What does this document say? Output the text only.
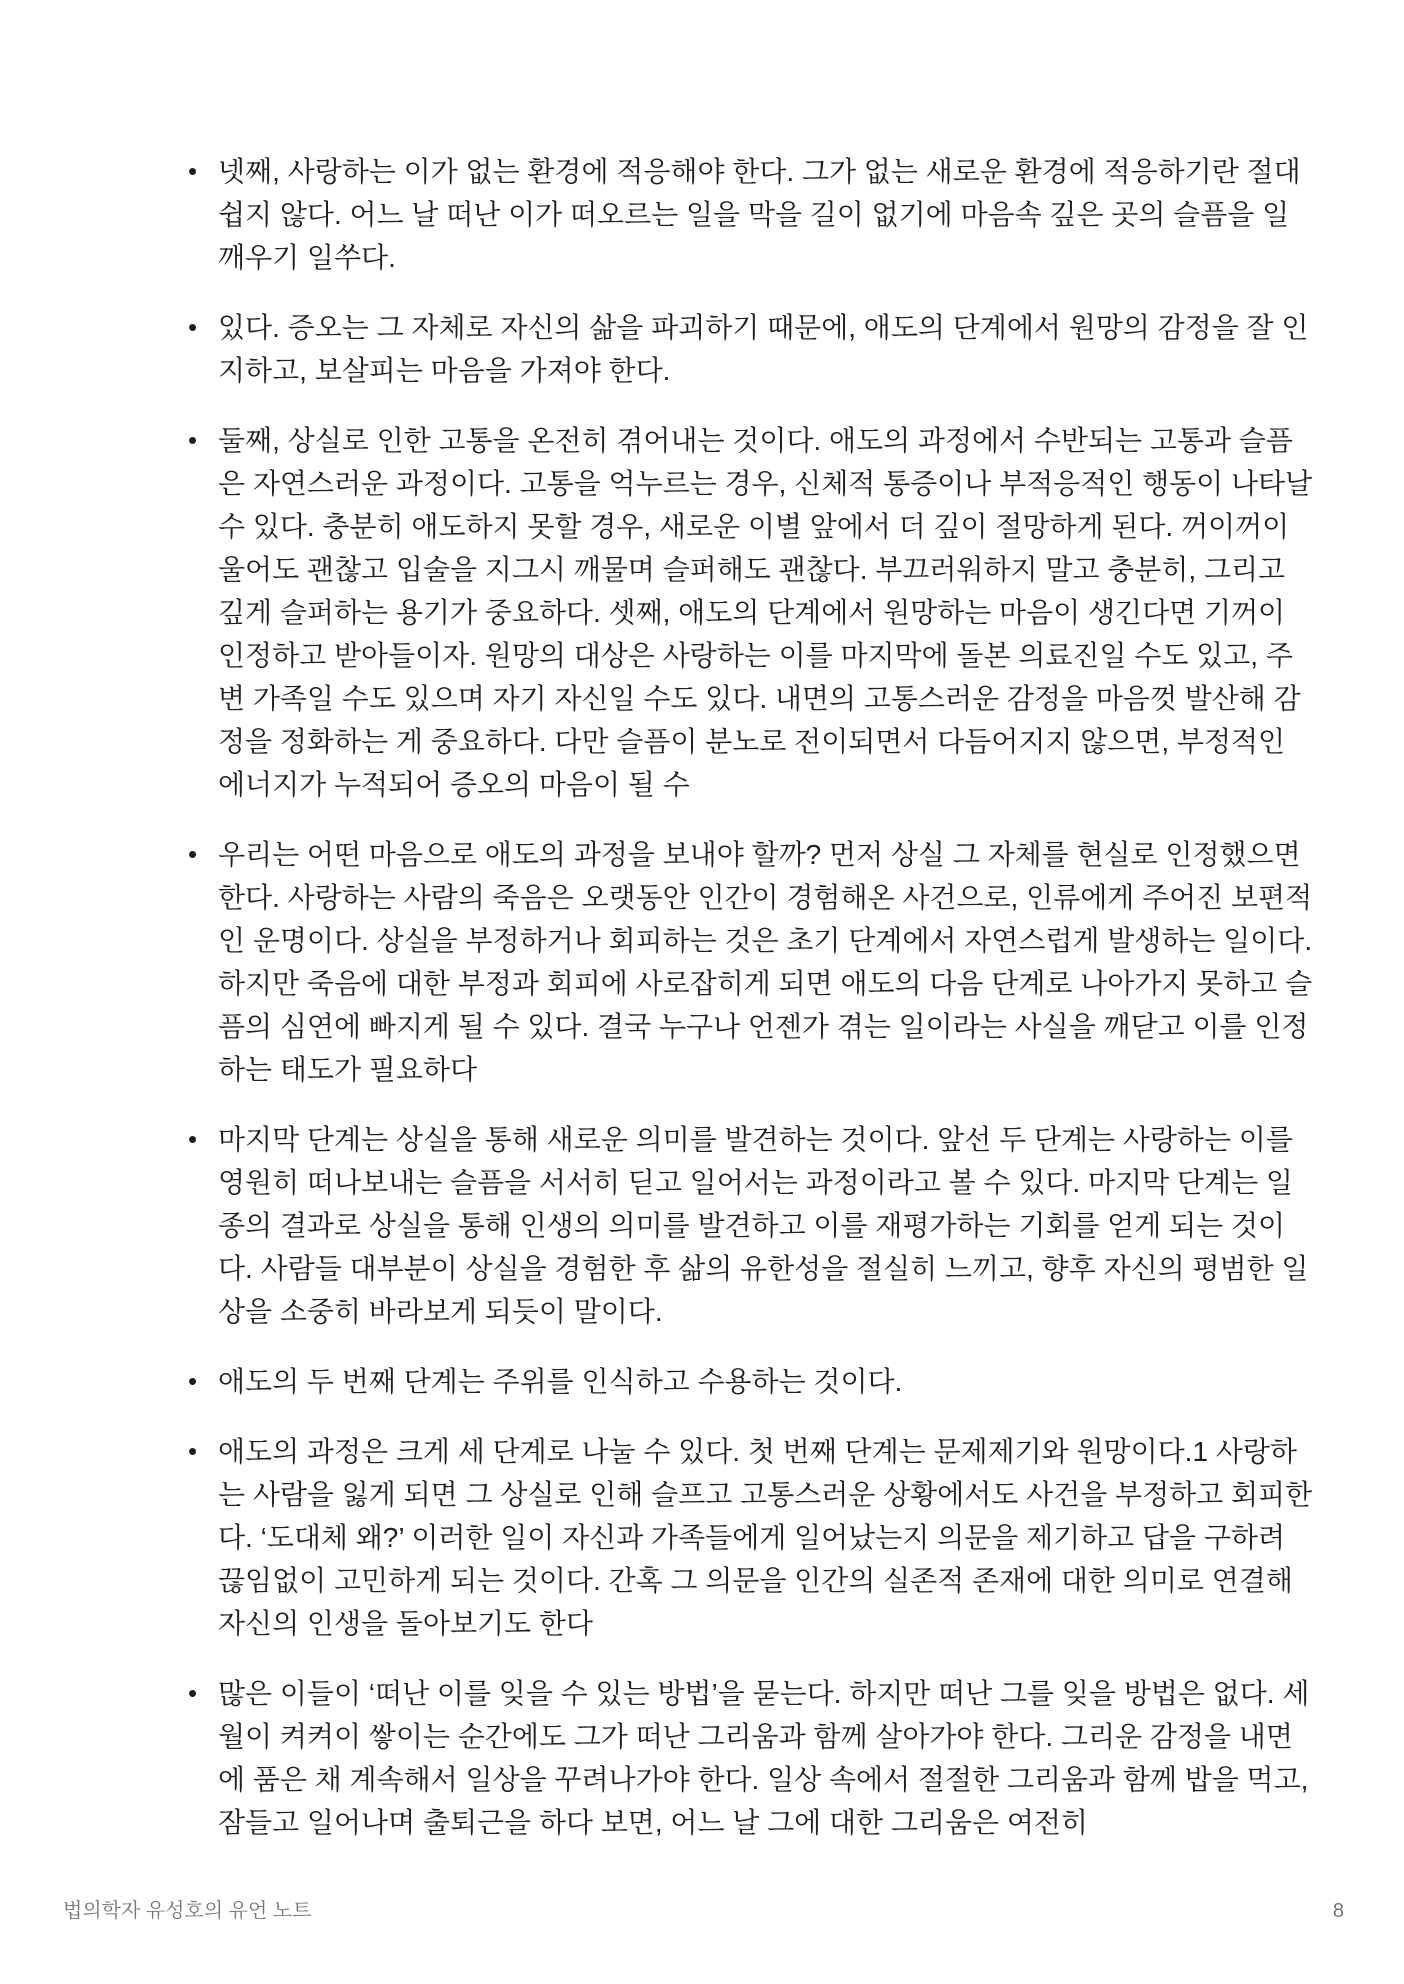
• 넷째, 사랑하는 이가 없는 환경에 적응해야 한다. 그가 없는 새로운 환경에 적응하기란 절대 쉽지 않다. 어느 날 떠난 이가 떠오르는 일을 막을 길이 없기에 마음속 깊은 곳의 슬픔을 일깨우기 일쑤다.
• 있다. 증오는 그 자체로 자신의 삶을 파괴하기 때문에, 애도의 단계에서 원망의 감정을 잘 인지하고, 보살피는 마음을 가져야 한다.
• 둘째, 상실로 인한 고통을 온전히 겪어내는 것이다. 애도의 과정에서 수반되는 고통과 슬픔은 자연스러운 과정이다. 고통을 억누르는 경우, 신체적 통증이나 부적응적인 행동이 나타날 수 있다. 충분히 애도하지 못할 경우, 새로운 이별 앞에서 더 깊이 절망하게 된다. 꺼이꺼이 울어도 괜찮고 입술을 지그시 깨물며 슬퍼해도 괜찮다. 부끄러워하지 말고 충분히, 그리고 깊게 슬퍼하는 용기가 중요하다. 셋째, 애도의 단계에서 원망하는 마음이 생긴다면 기꺼이 인정하고 받아들이자. 원망의 대상은 사랑하는 이를 마지막에 돌본 의료진일 수도 있고, 주변 가족일 수도 있으며 자기 자신일 수도 있다. 내면의 고통스러운 감정을 마음껏 발산해 감정을 정화하는 게 중요하다. 다만 슬픔이 분노로 전이되면서 다듬어지지 않으면, 부정적인 에너지가 누적되어 증오의 마음이 될 수
• 우리는 어떤 마음으로 애도의 과정을 보내야 할까? 먼저 상실 그 자체를 현실로 인정했으면 한다. 사랑하는 사람의 죽음은 오랫동안 인간이 경험해온 사건으로, 인류에게 주어진 보편적인 운명이다. 상실을 부정하거나 회피하는 것은 초기 단계에서 자연스럽게 발생하는 일이다. 하지만 죽음에 대한 부정과 회피에 사로잡히게 되면 애도의 다음 단계로 나아가지 못하고 슬픔의 심연에 빠지게 될 수 있다. 결국 누구나 언젠가 겪는 일이라는 사실을 깨닫고 이를 인정하는 태도가 필요하다
• 마지막 단계는 상실을 통해 새로운 의미를 발견하는 것이다. 앞선 두 단계는 사랑하는 이를 영원히 떠나보내는 슬픔을 서서히 딛고 일어서는 과정이라고 볼 수 있다. 마지막 단계는 일종의 결과로 상실을 통해 인생의 의미를 발견하고 이를 재평가하는 기회를 얻게 되는 것이다. 사람들 대부분이 상실을 경험한 후 삶의 유한성을 절실히 느끼고, 향후 자신의 평범한 일상을 소중히 바라보게 되듯이 말이다.
• 애도의 두 번째 단계는 주위를 인식하고 수용하는 것이다.
• 애도의 과정은 크게 세 단계로 나눌 수 있다. 첫 번째 단계는 문제제기와 원망이다.1 사랑하는 사람을 잃게 되면 그 상실로 인해 슬프고 고통스러운 상황에서도 사건을 부정하고 회피한다. ‘도대체 왜?’ 이러한 일이 자신과 가족들에게 일어났는지 의문을 제기하고 답을 구하려 끊임없이 고민하게 되는 것이다. 간혹 그 의문을 인간의 실존적 존재에 대한 의미로 연결해 자신의 인생을 돌아보기도 한다
• 많은 이들이 ‘떠난 이를 잊을 수 있는 방법’을 묻는다. 하지만 떠난 그를 잊을 방법은 없다. 세월이 켜켜이 쌓이는 순간에도 그가 떠난 그리움과 함께 살아가야 한다. 그리운 감정을 내면에 품은 채 계속해서 일상을 꾸려나가야 한다. 일상 속에서 절절한 그리움과 함께 밥을 먹고, 잠들고 일어나며 출퇴근을 하다 보면, 어느 날 그에 대한 그리움은 여전히
법의학자 유성호의 유언 노트	8
